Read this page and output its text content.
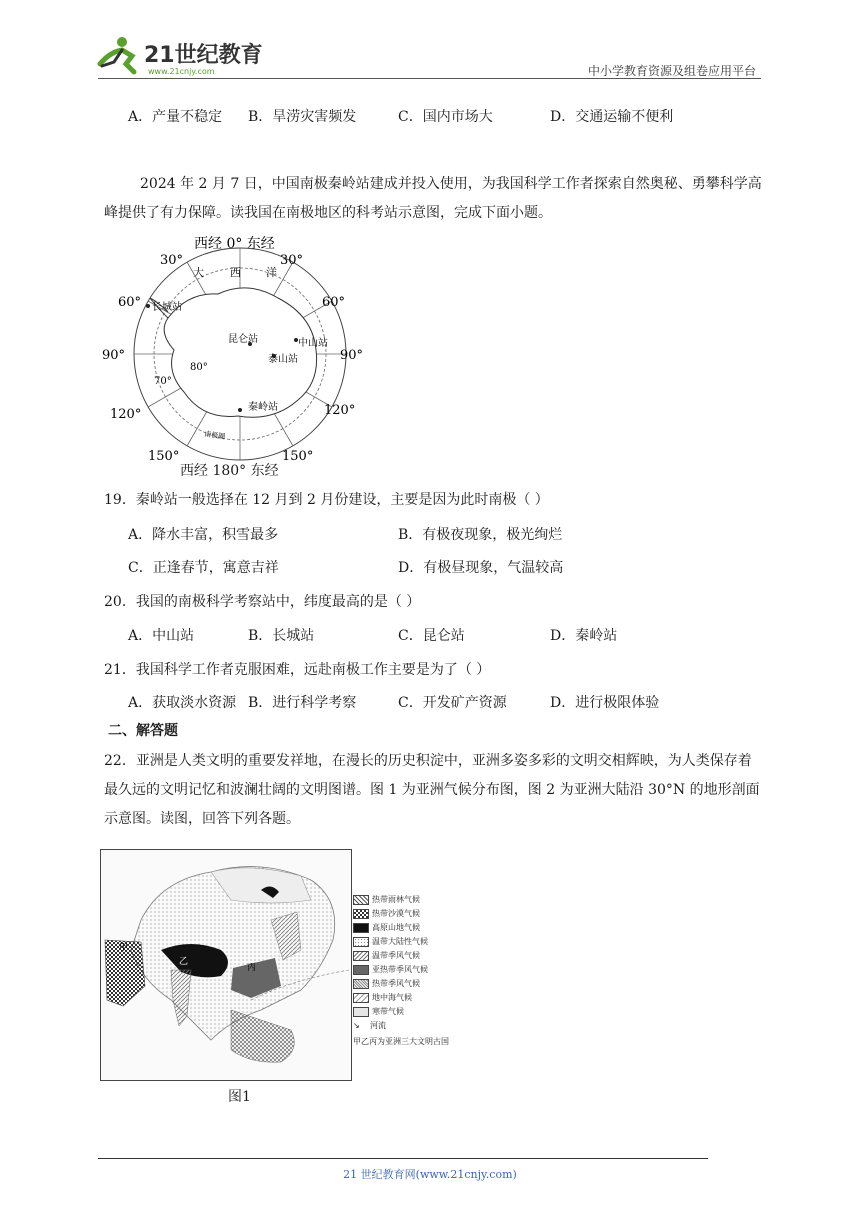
21世纪教育
www.21cnjy.com	中小学教育资源及组卷应用平台
A．产量不稳定 B．旱涝灾害频发	C．国内市场大	D．交通运输不便利
2024 年 2 月 7 日，中国南极秦岭站建成并投入使用，为我国科学工作者探索自然奥秘、勇攀科学高峰提供了有力保障。读我国在南极地区的科考站示意图，完成下面小题。
西经 0° 东经
大 西 洋
30°	30°
60°	60°
90°	90°
120°	120°
150°	150°
80°
70°
长城站
昆仑站	中山站
泰山站
秦岭站
南极圈
西经 180° 东经
19．秦岭站一般选择在 12 月到 2 月份建设，主要是因为此时南极（ ）
A．降水丰富，积雪最多	B．有极夜现象，极光绚烂
C．正逢春节，寓意吉祥	D．有极昼现象，气温较高
20．我国的南极科学考察站中，纬度最高的是（ ）
A．中山站	B．长城站	C．昆仑站	D．秦岭站
21．我国科学工作者克服困难，远赴南极工作主要是为了（ ）
A．获取淡水资源 B．进行科学考察	C．开发矿产资源	D．进行极限体验
二、解答题
22．亚洲是人类文明的重要发祥地，在漫长的历史积淀中，亚洲多姿多彩的文明交相辉映，为人类保存着最久远的文明记忆和波澜壮阔的文明图谱。图 1 为亚洲气候分布图，图 2 为亚洲大陆沿 30°N 的地形剖面示意图。读图，回答下列各题。
甲
乙
丙
热带雨林气候
热带沙漠气候
高原山地气候
温带大陆性气候
温带季风气候
亚热带季风气候
热带季风气候
地中海气候
寒带气候
↘ 河流
甲乙丙为亚洲三大文明古国
图1
21 世纪教育网(www.21cnjy.com)
